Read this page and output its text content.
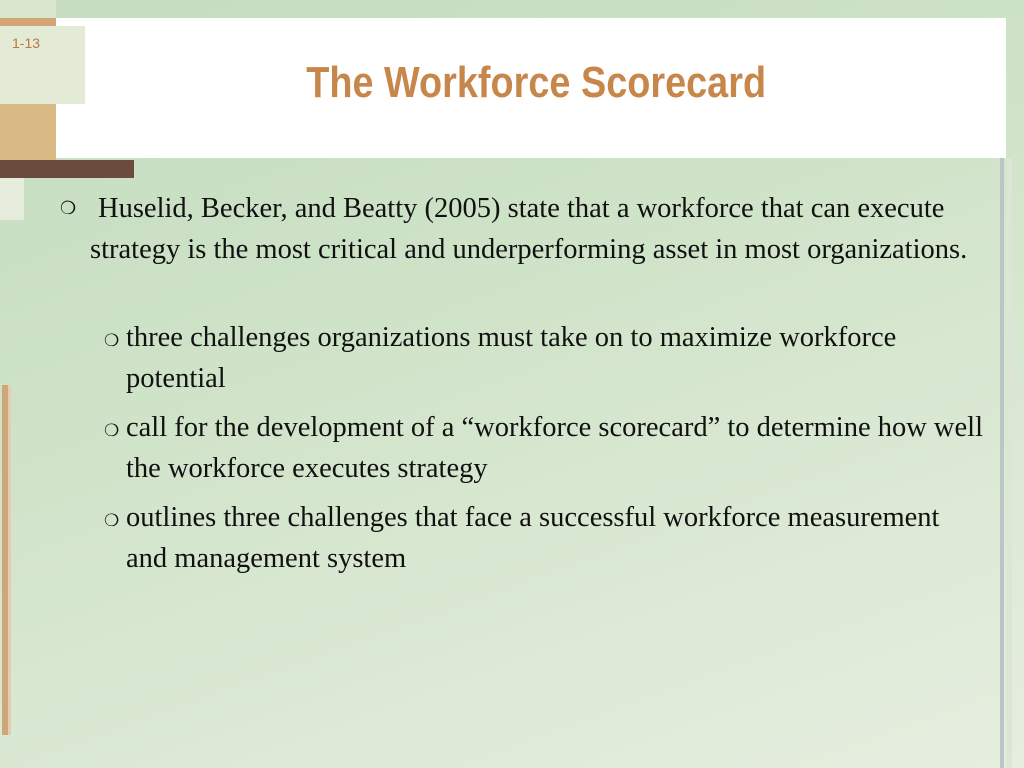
1-13
The Workforce Scorecard
❍ Huselid, Becker, and Beatty (2005) state that a workforce that can execute strategy is the most critical and underperforming asset in most organizations.
❍ three challenges organizations must take on to maximize workforce potential
❍ call for the development of a “workforce scorecard” to determine how well the workforce executes strategy
❍ outlines three challenges that face a successful workforce measurement and management system
